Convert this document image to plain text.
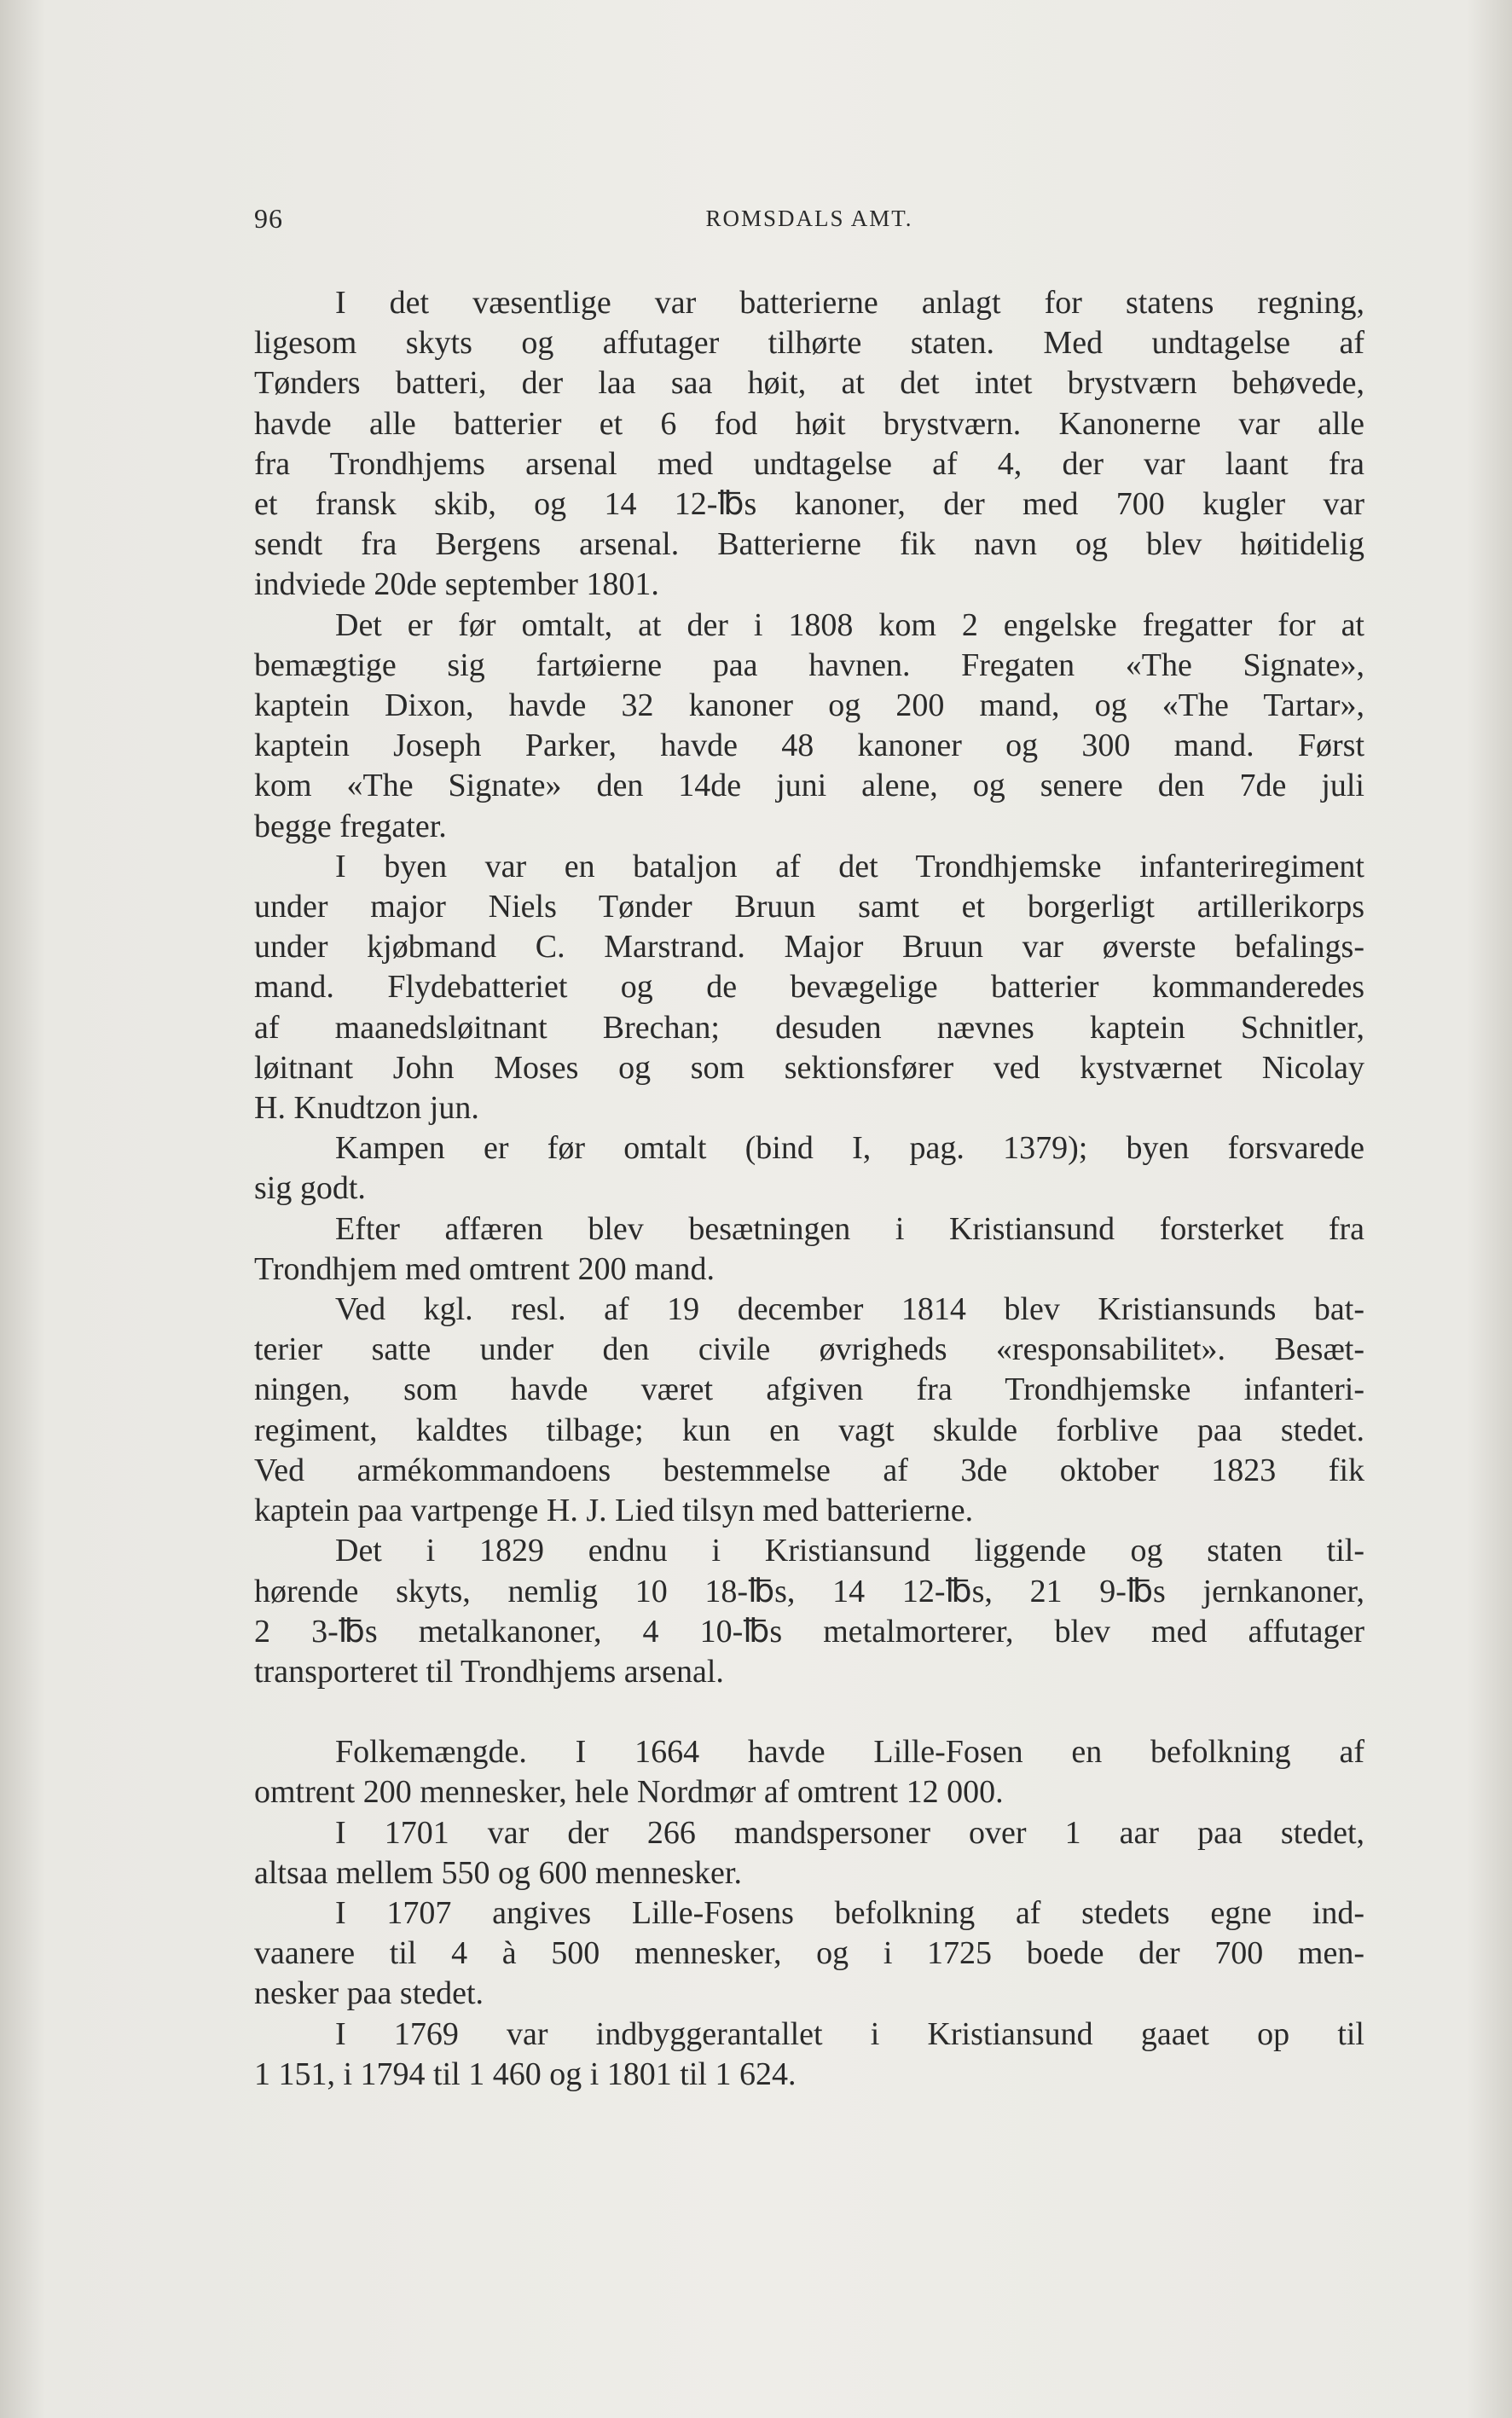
96	ROMSDALS AMT.
I det væsentlige var batterierne anlagt for statens regning,
ligesom skyts og affutager tilhørte staten. Med undtagelse af
Tønders batteri, der laa saa høit, at det intet brystværn behøvede,
havde alle batterier et 6 fod høit brystværn. Kanonerne var alle
fra Trondhjems arsenal med undtagelse af 4, der var laant fra
et fransk skib, og 14 12-℔s kanoner, der med 700 kugler var
sendt fra Bergens arsenal. Batterierne fik navn og blev høitidelig
indviede 20de september 1801.
Det er før omtalt, at der i 1808 kom 2 engelske fregatter for at
bemægtige sig fartøierne paa havnen. Fregaten «The Signate»,
kaptein Dixon, havde 32 kanoner og 200 mand, og «The Tartar»,
kaptein Joseph Parker, havde 48 kanoner og 300 mand. Først
kom «The Signate» den 14de juni alene, og senere den 7de juli
begge fregater.
I byen var en bataljon af det Trondhjemske infanteriregiment
under major Niels Tønder Bruun samt et borgerligt artillerikorps
under kjøbmand C. Marstrand. Major Bruun var øverste befalings-
mand. Flydebatteriet og de bevægelige batterier kommanderedes
af maanedsløitnant Brechan; desuden nævnes kaptein Schnitler,
løitnant John Moses og som sektionsfører ved kystværnet Nicolay
H. Knudtzon jun.
Kampen er før omtalt (bind I, pag. 1379); byen forsvarede
sig godt.
Efter affæren blev besætningen i Kristiansund forsterket fra
Trondhjem med omtrent 200 mand.
Ved kgl. resl. af 19 december 1814 blev Kristiansunds bat-
terier satte under den civile øvrigheds «responsabilitet». Besæt-
ningen, som havde været afgiven fra Trondhjemske infanteri-
regiment, kaldtes tilbage; kun en vagt skulde forblive paa stedet.
Ved armékommandoens bestemmelse af 3de oktober 1823 fik
kaptein paa vartpenge H. J. Lied tilsyn med batterierne.
Det i 1829 endnu i Kristiansund liggende og staten til-
hørende skyts, nemlig 10 18-℔s, 14 12-℔s, 21 9-℔s jernkanoner,
2 3-℔s metalkanoner, 4 10-℔s metalmorterer, blev med affutager
transporteret til Trondhjems arsenal.
Folkemængde. I 1664 havde Lille-Fosen en befolkning af
omtrent 200 mennesker, hele Nordmør af omtrent 12 000.
I 1701 var der 266 mandspersoner over 1 aar paa stedet,
altsaa mellem 550 og 600 mennesker.
I 1707 angives Lille-Fosens befolkning af stedets egne ind-
vaanere til 4 à 500 mennesker, og i 1725 boede der 700 men-
nesker paa stedet.
I 1769 var indbyggerantallet i Kristiansund gaaet op til
1 151, i 1794 til 1 460 og i 1801 til 1 624.
